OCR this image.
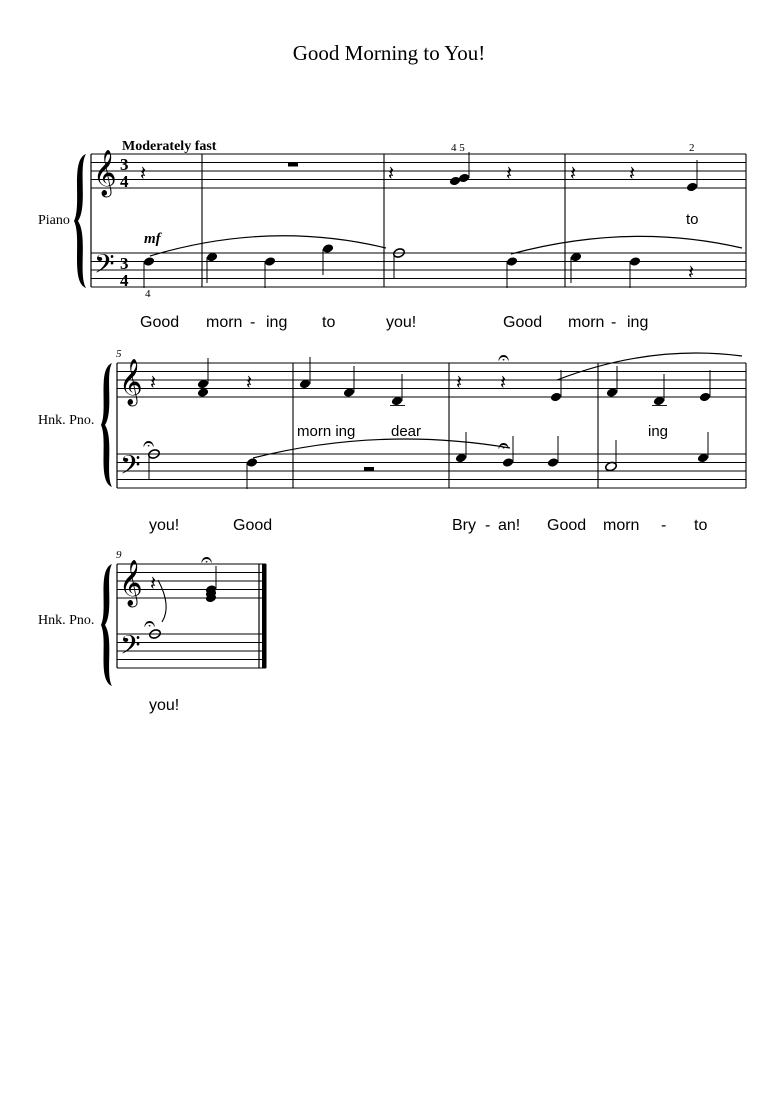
Good Morning to You!
Moderately fast
Piano
𝄞
𝄢
3
4
3
4
𝄽	𝄽
4 5
𝄽	𝄽	𝄽
2
to
mf
4
𝄽
Good morn - ing to	you!	Good morn - ing
5
Hnk. Pno.
𝄞
𝄢
𝄽	𝄽	𝄽 𝄽
𝄐
morn ing dear	ing
𝄐	𝄐
you!	Good	Bry - an! Good morn - to
9
Hnk. Pno.
𝄞
𝄢
𝄽
𝄐
𝄐
you!
